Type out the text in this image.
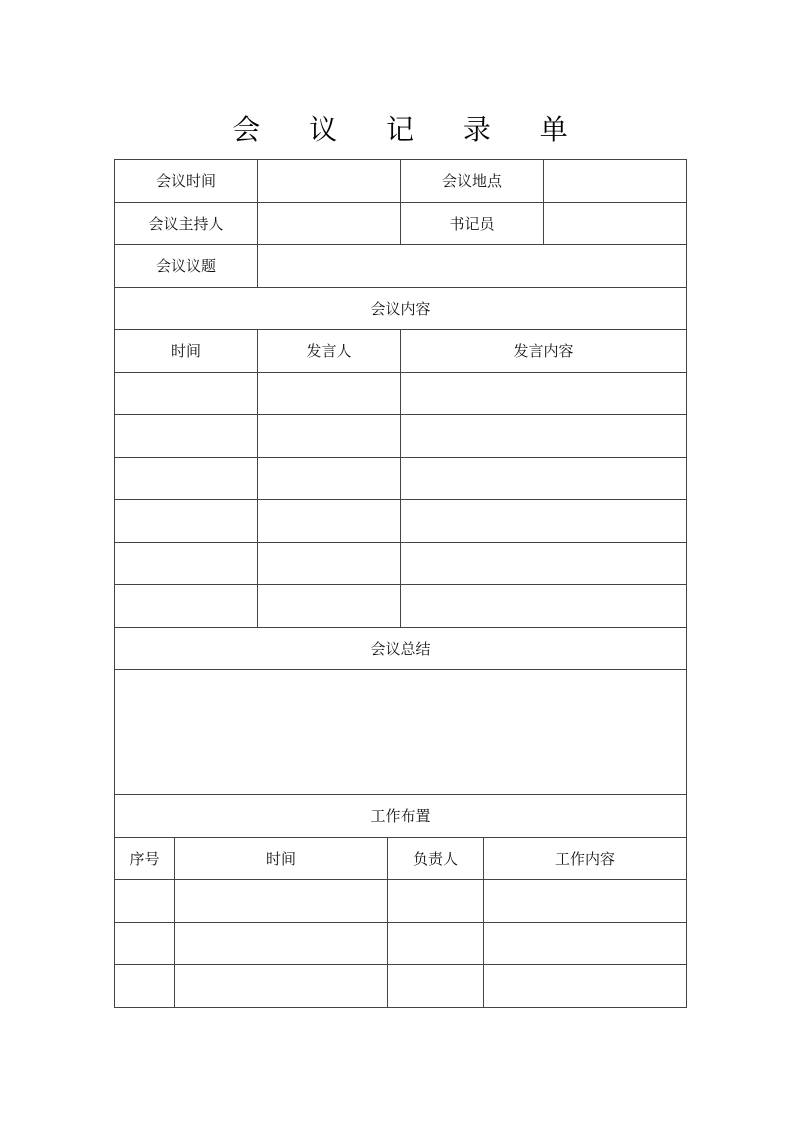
会 议 记 录 单
会议时间				会议地点		
会议主持人				书记员		
会议议题						
会议内容						
时间		发言人		发言内容		

会议总结						

工作布置						
序号	时间		负责人		工作内容	
